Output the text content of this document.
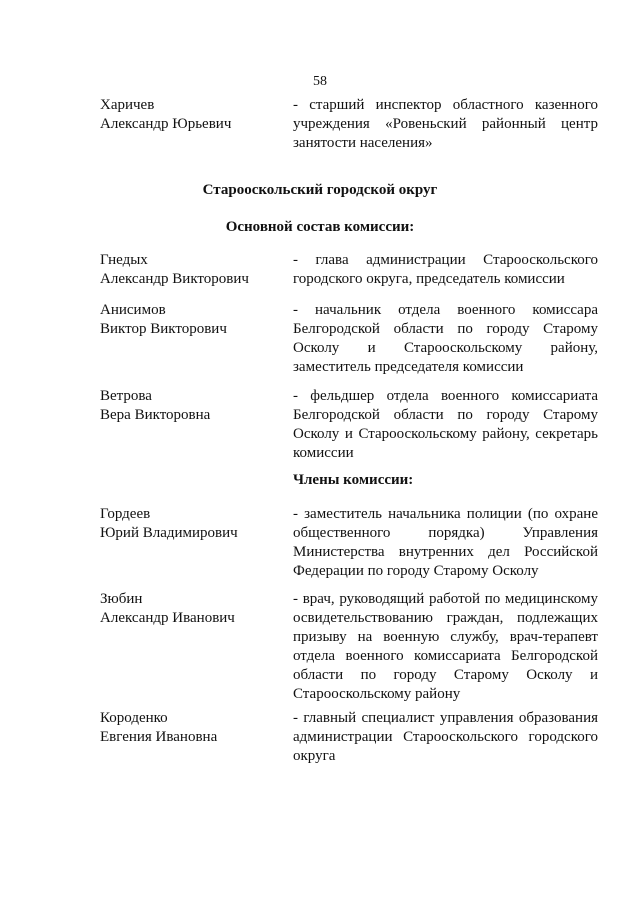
58
Харичев
Александр Юрьевич
- старший инспектор областного казенного учреждения «Ровеньский районный центр занятости населения»
Старооскольский городской округ
Основной состав комиссии:
Гнедых
Александр Викторович
- глава администрации Старооскольского городского округа, председатель комиссии
Анисимов
Виктор Викторович
- начальник отдела военного комиссара Белгородской области по городу Старому Осколу и Старооскольскому району, заместитель председателя комиссии
Ветрова
Вера Викторовна
- фельдшер отдела военного комиссариата Белгородской области по городу Старому Осколу и Старооскольскому району, секретарь комиссии
Члены комиссии:
Гордеев
Юрий Владимирович
- заместитель начальника полиции (по охране общественного порядка) Управления Министерства внутренних дел Российской Федерации по городу Старому Осколу
Зюбин
Александр Иванович
- врач, руководящий работой по медицинскому освидетельствованию граждан, подлежащих призыву на военную службу, врач-терапевт отдела военного комиссариата Белгородской области по городу Старому Осколу и Старооскольскому району
Короденко
Евгения Ивановна
- главный специалист управления образования администрации Старооскольского городского округа
